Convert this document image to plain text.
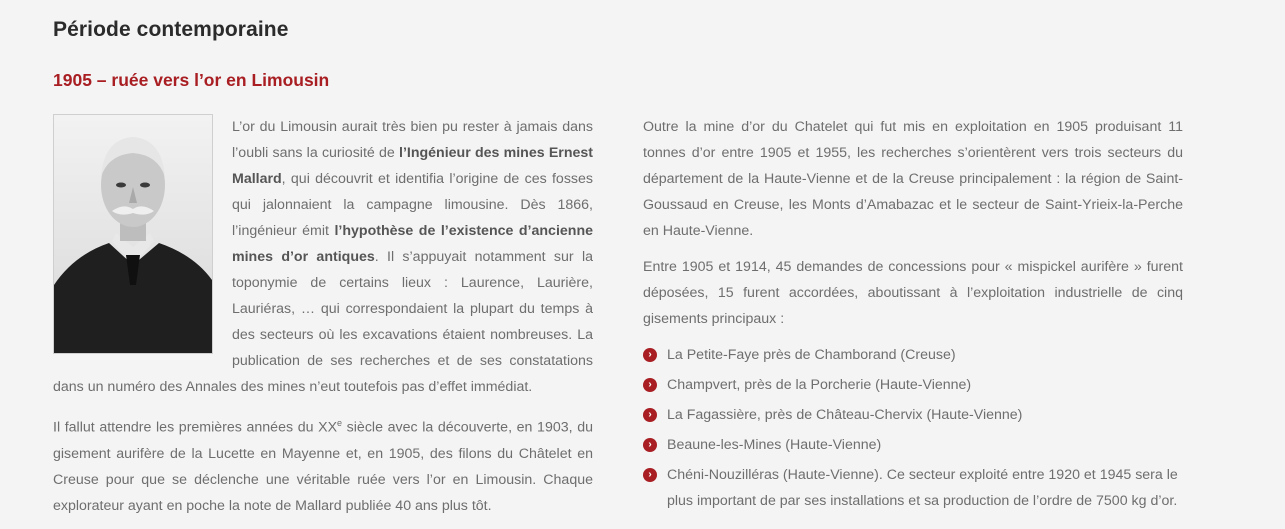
Période contemporaine
1905 – ruée vers l’or en Limousin

L’or du Limousin aurait très bien pu rester à jamais dans l’oubli sans la curiosité de l’Ingénieur des mines Ernest Mallard, qui découvrit et identifia l’origine de ces fosses qui jalonnaient la campagne limousine. Dès 1866, l’ingénieur émit l’hypothèse de l’existence d’ancienne mines d’or antiques. Il s’appuyait notamment sur la toponymie de certains lieux : Laurence, Laurière, Lauriéras, … qui correspondaient la plupart du temps à des secteurs où les excavations étaient nombreuses. La publication de ses recherches et de ses constatations dans un numéro des Annales des mines n’eut toutefois pas d’effet immédiat.

Il fallut attendre les premières années du XXe siècle avec la découverte, en 1903, du gisement aurifère de la Lucette en Mayenne et, en 1905, des filons du Châtelet en Creuse pour que se déclenche une véritable ruée vers l’or en Limousin. Chaque explorateur ayant en poche la note de Mallard publiée 40 ans plus tôt.

Outre la mine d’or du Chatelet qui fut mis en exploitation en 1905 produisant 11 tonnes d’or entre 1905 et 1955, les recherches s’orientèrent vers trois secteurs du département de la Haute-Vienne et de la Creuse principalement : la région de Saint-Goussaud en Creuse, les Monts d’Amabazac et le secteur de Saint-Yrieix-la-Perche en Haute-Vienne.

Entre 1905 et 1914, 45 demandes de concessions pour « mispickel aurifère » furent déposées, 15 furent accordées, aboutissant à l’exploitation industrielle de cinq gisements principaux :

›	La Petite-Faye près de Chamborand (Creuse)
›	Champvert, près de la Porcherie (Haute-Vienne)
›	La Fagassière, près de Château-Chervix (Haute-Vienne)
›	Beaune-les-Mines (Haute-Vienne)
›	Chéni-Nouzilléras (Haute-Vienne). Ce secteur exploité entre 1920 et 1945 sera le plus important de par ses installations et sa production de l’ordre de 7500 kg d’or.
